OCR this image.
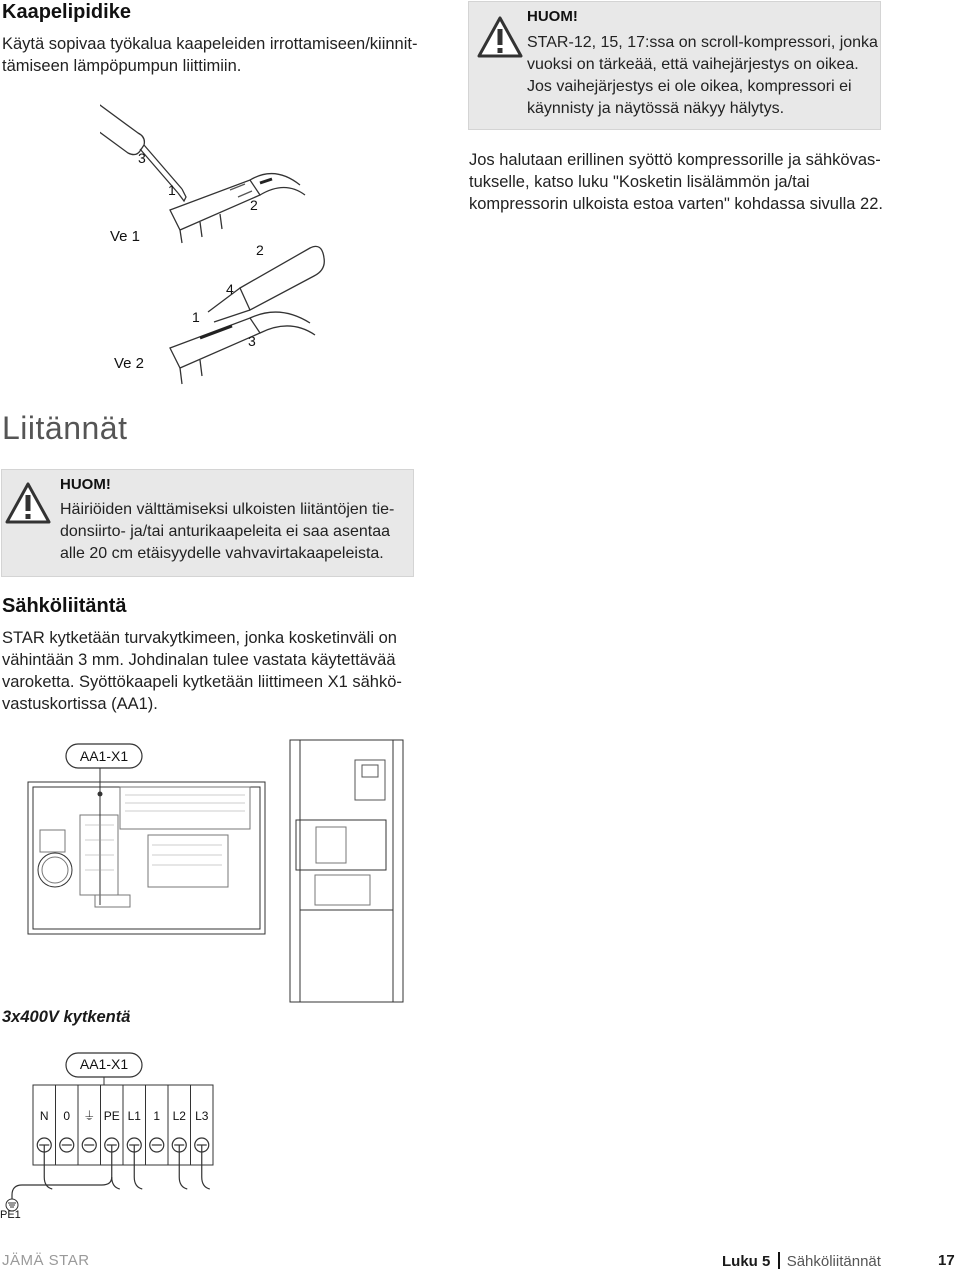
Kaapelipidike

Käytä sopivaa työkalua kaapeleiden irrottamiseen/kiinnit-

tämiseen lämpöpumpun liittimiin.

HUOM!

STAR-12, 15, 17:ssa on scroll-kompressori, jonka

vuoksi on tärkeää, että vaihejärjestys on oikea.

Jos vaihejärjestys ei ole oikea, kompressori ei

käynnisty ja näytössä näkyy hälytys.

Jos halutaan erillinen syöttö kompressorille ja sähkövas-

tukselle, katso luku "Kosketin lisälämmön ja/tai

kompressorin ulkoista estoa varten" kohdassa sivulla 22.

3
1
2
2
Ve 1
4
1
3
Ve 2
Liitännät
HUOM!

Häiriöiden välttämiseksi ulkoisten liitäntöjen tie-

donsiirto- ja/tai anturikaapeleita ei saa asentaa

alle 20 cm etäisyydelle vahvavirtakaapeleista.

Sähköliitäntä

STAR kytketään turvakytkimeen, jonka kosketinväli on

vähintään 3 mm. Johdinalan tulee vastata käytettävää

varoketta. Syöttökaapeli kytketään liittimeen X1 sähkö-

vastuskortissa (AA1).

AA1-X1
3x400V kytkentä
AA1-X1
N 0 ⏚ PE L1 1 L2 L3
PE1
JÄMÄ STAR	Luku 5 Sähköliitännät	17
